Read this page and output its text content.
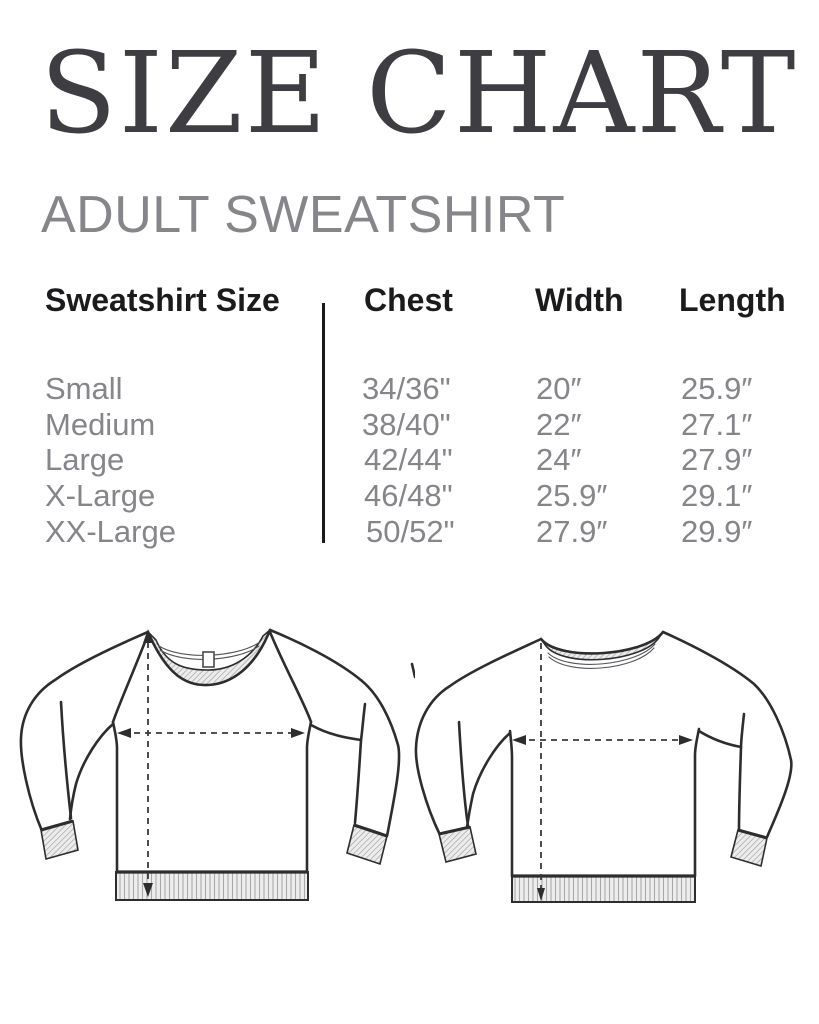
SIZE CHART
ADULT SWEATSHIRT
Sweatshirt Size	Chest	Width Length
Small	34/36"	20″	25.9″
Medium	38/40"	22″	27.1″
Large	42/44"	24″	27.9″
X-Large	46/48"	25.9″ 29.1″
XX-Large	50/52"	27.9″ 29.9″
